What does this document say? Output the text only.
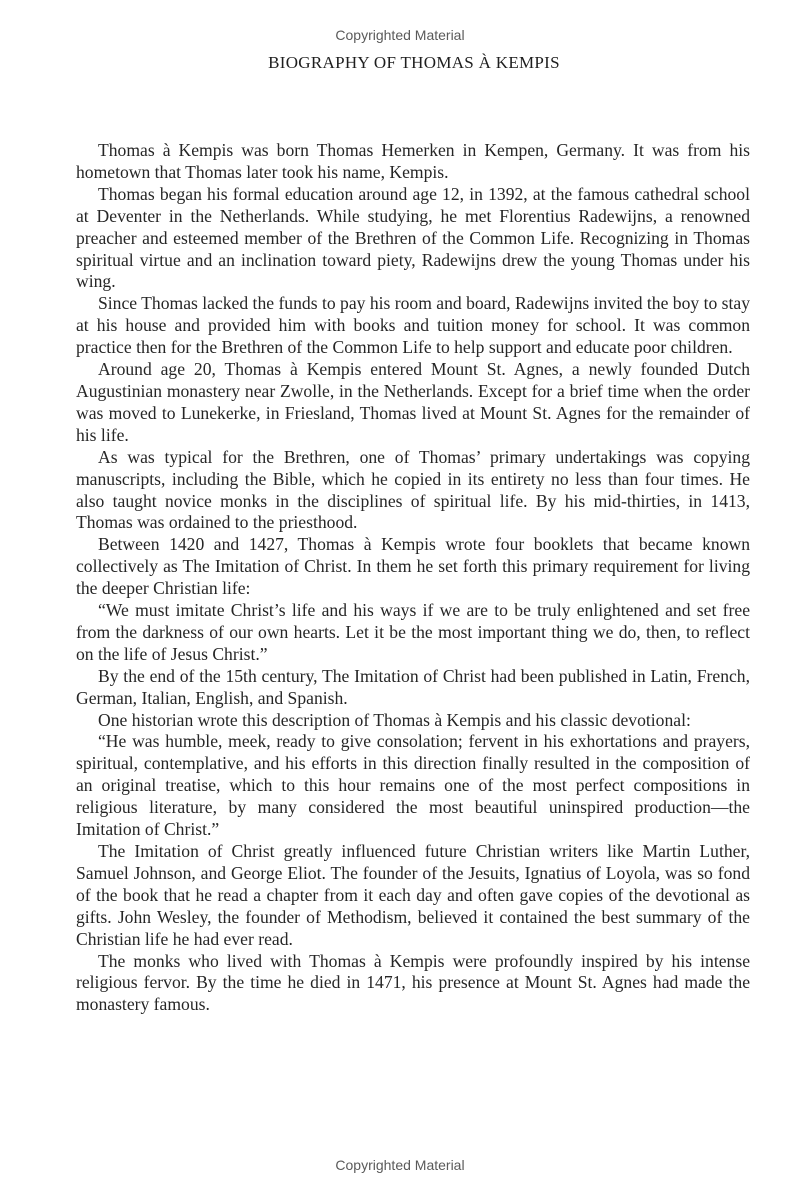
Copyrighted Material
BIOGRAPHY OF THOMAS À KEMPIS

Thomas à Kempis was born Thomas Hemerken in Kempen, Germany. It was from his hometown that Thomas later took his name, Kempis.

Thomas began his formal education around age 12, in 1392, at the famous cathedral school at Deventer in the Netherlands. While studying, he met Florentius Radewijns, a renowned preacher and esteemed member of the Brethren of the Common Life. Recognizing in Thomas spiritual virtue and an inclination toward piety, Radewijns drew the young Thomas under his wing.

Since Thomas lacked the funds to pay his room and board, Radewijns invited the boy to stay at his house and provided him with books and tuition money for school. It was common practice then for the Brethren of the Common Life to help support and educate poor children.

Around age 20, Thomas à Kempis entered Mount St. Agnes, a newly founded Dutch Augustinian monastery near Zwolle, in the Netherlands. Except for a brief time when the order was moved to Lunekerke, in Friesland, Thomas lived at Mount St. Agnes for the remainder of his life.

As was typical for the Brethren, one of Thomas’ primary undertakings was copying manuscripts, including the Bible, which he copied in its entirety no less than four times. He also taught novice monks in the disciplines of spiritual life. By his mid-thirties, in 1413, Thomas was ordained to the priesthood.

Between 1420 and 1427, Thomas à Kempis wrote four booklets that became known collectively as The Imitation of Christ. In them he set forth this primary requirement for living the deeper Christian life:

“We must imitate Christ’s life and his ways if we are to be truly enlightened and set free from the darkness of our own hearts. Let it be the most important thing we do, then, to reflect on the life of Jesus Christ.”

By the end of the 15th century, The Imitation of Christ had been published in Latin, French, German, Italian, English, and Spanish.

One historian wrote this description of Thomas à Kempis and his classic devotional:

“He was humble, meek, ready to give consolation; fervent in his exhortations and prayers, spiritual, contemplative, and his efforts in this direction finally resulted in the composition of an original treatise, which to this hour remains one of the most perfect compositions in religious literature, by many considered the most beautiful uninspired production—the Imitation of Christ.”

The Imitation of Christ greatly influenced future Christian writers like Martin Luther, Samuel Johnson, and George Eliot. The founder of the Jesuits, Ignatius of Loyola, was so fond of the book that he read a chapter from it each day and often gave copies of the devotional as gifts. John Wesley, the founder of Methodism, believed it contained the best summary of the Christian life he had ever read.

The monks who lived with Thomas à Kempis were profoundly inspired by his intense religious fervor. By the time he died in 1471, his presence at Mount St. Agnes had made the monastery famous.

Copyrighted Material
